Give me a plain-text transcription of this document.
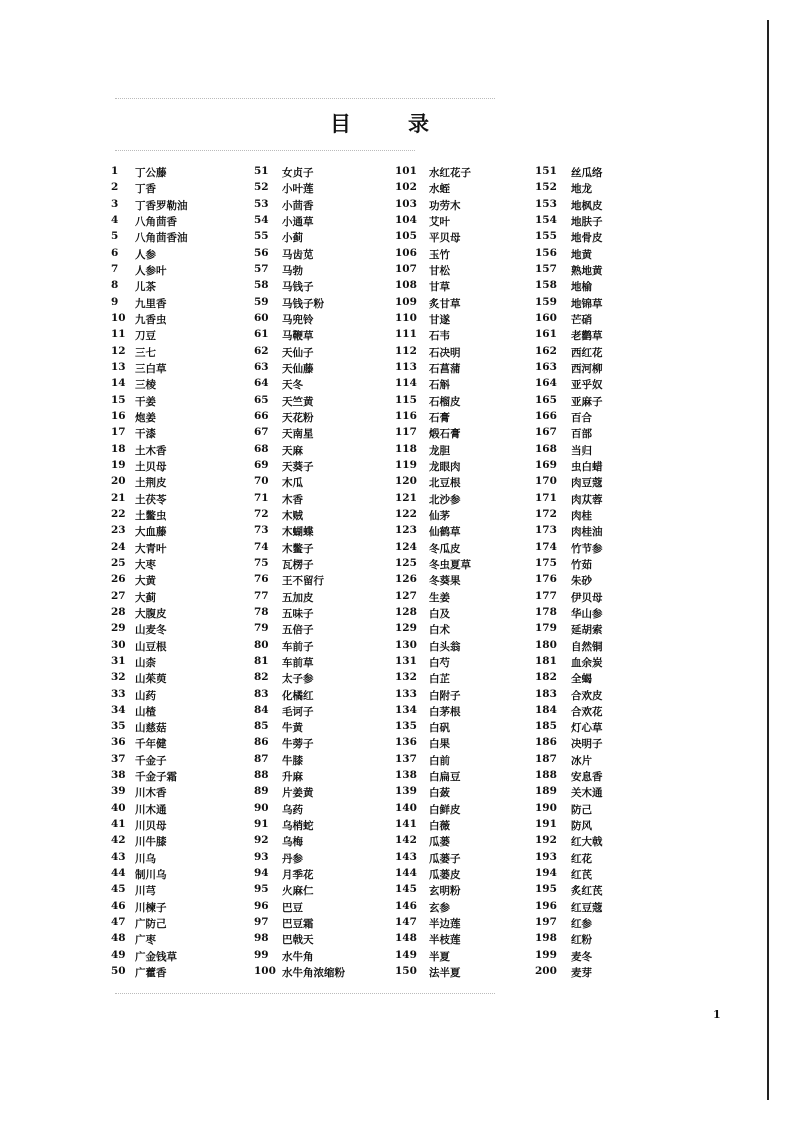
目	录
1	丁公藤
2	丁香
3	丁香罗勒油
4	八角茴香
5	八角茴香油
6	人参
7	人参叶
8	儿茶
9	九里香
10 九香虫
11 刀豆
12 三七
13 三白草
14 三棱
15 干姜
16 炮姜
17 干漆
18 土木香
19 土贝母
20 土荆皮
21 土茯苓
22 土鳖虫
23 大血藤
24 大青叶
25 大枣
26 大黄
27 大蓟
28 大腹皮
29 山麦冬
30 山豆根
31 山柰
32 山茱萸
33 山药
34 山楂
35 山慈菇
36 千年健
37 千金子
38 千金子霜
39 川木香
40 川木通
41 川贝母
42 川牛膝
43 川乌
44 制川乌
45 川芎
46 川楝子
47 广防己
48 广枣
49 广金钱草
50 广藿香
51	女贞子
52	小叶莲
53	小茴香
54	小通草
55	小蓟
56	马齿苋
57	马勃
58	马钱子
59	马钱子粉
60	马兜铃
61	马鞭草
62	天仙子
63	天仙藤
64	天冬
65	天竺黄
66	天花粉
67	天南星
68	天麻
69	天葵子
70	木瓜
71	木香
72	木贼
73	木蝴蝶
74	木鳖子
75	瓦楞子
76	王不留行
77	五加皮
78	五味子
79	五倍子
80	车前子
81	车前草
82	太子参
83	化橘红
84	毛诃子
85	牛黄
86	牛蒡子
87	牛膝
88	升麻
89	片姜黄
90	乌药
91	乌梢蛇
92	乌梅
93	丹参
94	月季花
95	火麻仁
96	巴豆
97	巴豆霜
98	巴戟天
99	水牛角
100 水牛角浓缩粉
101	水红花子
102	水蛭
103	功劳木
104	艾叶
105	平贝母
106	玉竹
107	甘松
108	甘草
109	炙甘草
110	甘遂
111	石韦
112	石决明
113	石菖蒲
114	石斛
115	石榴皮
116	石膏
117	煅石膏
118	龙胆
119	龙眼肉
120	北豆根
121	北沙参
122	仙茅
123	仙鹤草
124	冬瓜皮
125	冬虫夏草
126	冬葵果
127	生姜
128	白及
129	白术
130	白头翁
131	白芍
132	白芷
133	白附子
134	白茅根
135	白矾
136	白果
137	白前
138	白扁豆
139	白蔹
140	白鲜皮
141	白薇
142	瓜蒌
143	瓜蒌子
144	瓜蒌皮
145	玄明粉
146	玄参
147	半边莲
148	半枝莲
149	半夏
150	法半夏
151	丝瓜络
152	地龙
153	地枫皮
154	地肤子
155	地骨皮
156	地黄
157	熟地黄
158	地榆
159	地锦草
160	芒硝
161	老鹳草
162	西红花
163	西河柳
164	亚乎奴
165	亚麻子
166	百合
167	百部
168	当归
169	虫白蜡
170	肉豆蔻
171	肉苁蓉
172	肉桂
173	肉桂油
174	竹节参
175	竹茹
176	朱砂
177	伊贝母
178	华山参
179	延胡索
180	自然铜
181	血余炭
182	全蝎
183	合欢皮
184	合欢花
185	灯心草
186	决明子
187	冰片
188	安息香
189	关木通
190	防己
191	防风
192	红大戟
193	红花
194	红芪
195	炙红芪
196	红豆蔻
197	红参
198	红粉
199	麦冬
200	麦芽
1
